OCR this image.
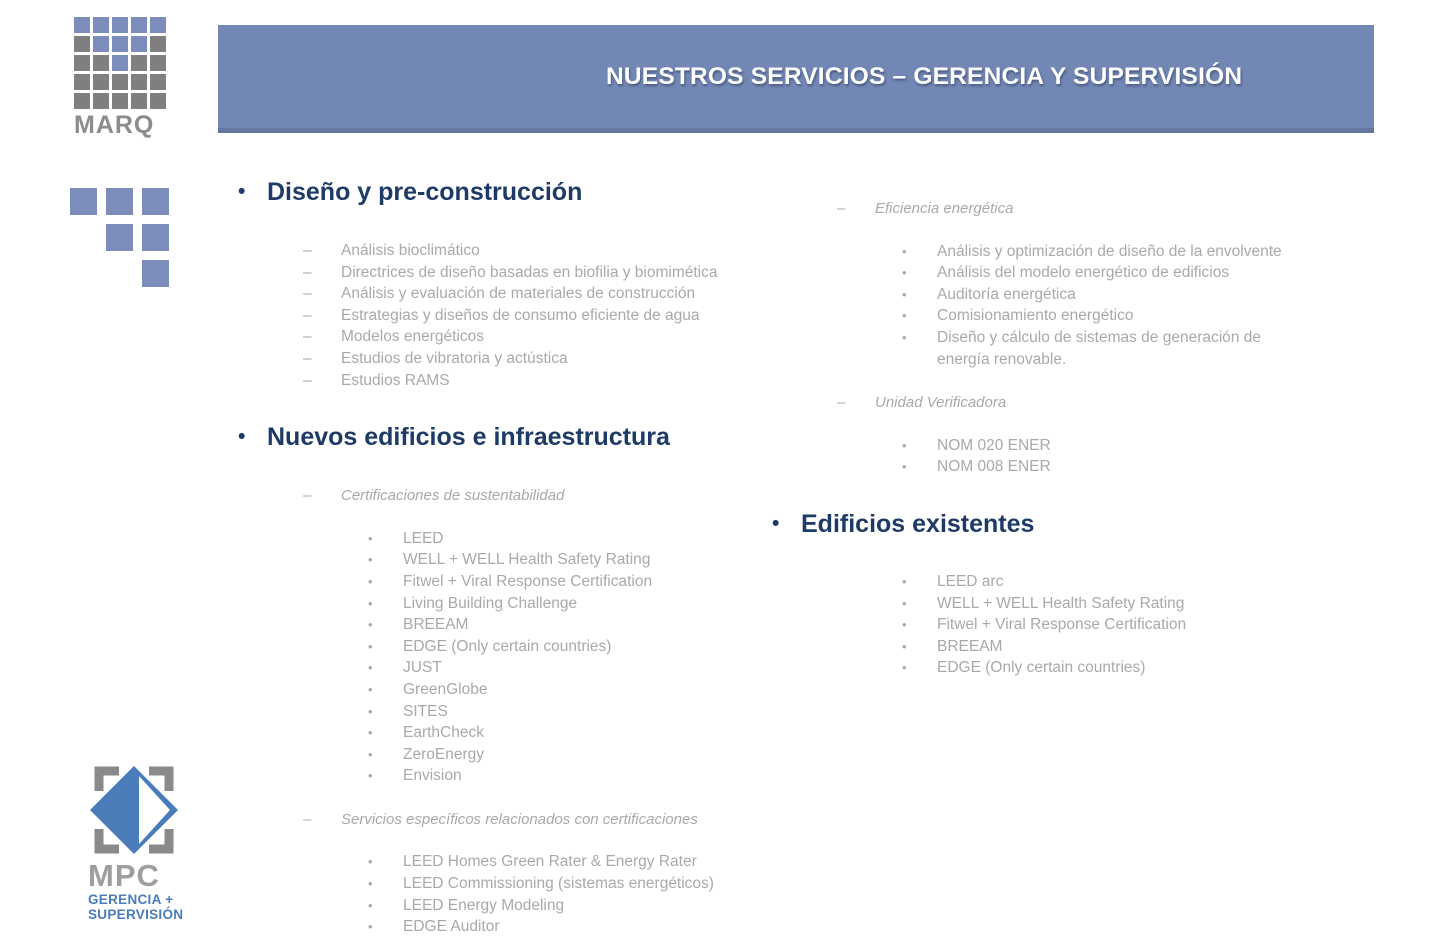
MARQ
NUESTROS SERVICIOS – GERENCIA Y SUPERVISIÓN
•
Diseño y pre-construcción
–
Análisis bioclimático
–
Directrices de diseño basadas en biofilia y biomimética
–
Análisis y evaluación de materiales de construcción
–
Estrategias y diseños de consumo eficiente de agua
–
Modelos energéticos
–
Estudios de vibratoria y actústica
–
Estudios RAMS
•
Nuevos edificios e infraestructura
–
Certificaciones de sustentabilidad
•
LEED
•
WELL + WELL Health Safety Rating
•
Fitwel + Viral Response Certification
•
Living Building Challenge
•
BREEAM
•
EDGE (Only certain countries)
•
JUST
•
GreenGlobe
•
SITES
•
EarthCheck
•
ZeroEnergy
•
Envision
–
Servicios específicos relacionados con certificaciones
•
LEED Homes Green Rater & Energy Rater
•
LEED Commissioning (sistemas energéticos)
•
LEED Energy Modeling
•
EDGE Auditor
–
Eficiencia energética
•
Análisis y optimización de diseño de la envolvente
•
Análisis del modelo energético de edificios
•
Auditoría energética
•
Comisionamiento energético
•
Diseño y cálculo de sistemas de generación de energía renovable.
–
Unidad Verificadora
•
NOM 020 ENER
•
NOM 008 ENER
•
Edificios existentes
•
LEED arc
•
WELL + WELL Health Safety Rating
•
Fitwel + Viral Response Certification
•
BREEAM
•
EDGE (Only certain countries)
MPC
GERENCIA +
SUPERVISIÓN
